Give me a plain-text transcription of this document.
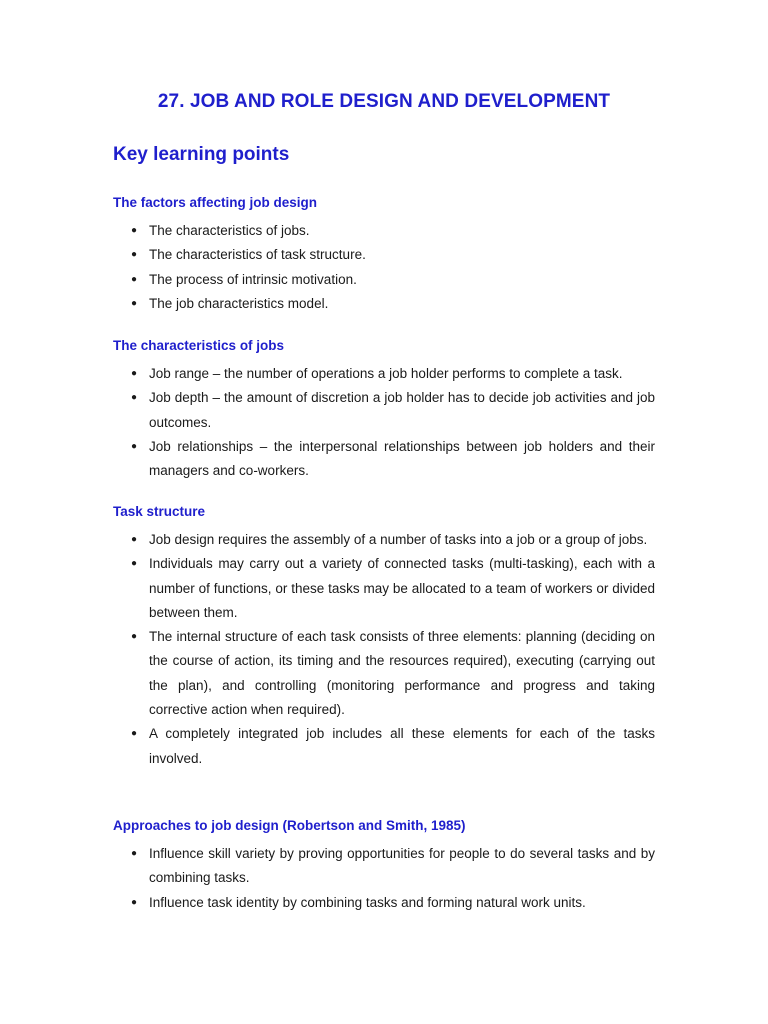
27. JOB AND ROLE DESIGN AND DEVELOPMENT
Key learning points
The factors affecting job design
● The characteristics of jobs.
● The characteristics of task structure.
● The process of intrinsic motivation.
● The job characteristics model.
The characteristics of jobs
● Job range – the number of operations a job holder performs to complete a task.
● Job depth – the amount of discretion a job holder has to decide job activities and job outcomes.
● Job relationships – the interpersonal relationships between job holders and their managers and co-workers.
Task structure
● Job design requires the assembly of a number of tasks into a job or a group of jobs.
● Individuals may carry out a variety of connected tasks (multi-tasking), each with a number of functions, or these tasks may be allocated to a team of workers or divided between them.
● The internal structure of each task consists of three elements: planning (deciding on the course of action, its timing and the resources required), executing (carrying out the plan), and controlling (monitoring performance and progress and taking corrective action when required).
● A completely integrated job includes all these elements for each of the tasks involved.
Approaches to job design (Robertson and Smith, 1985)
● Influence skill variety by proving opportunities for people to do several tasks and by combining tasks.
● Influence task identity by combining tasks and forming natural work units.
